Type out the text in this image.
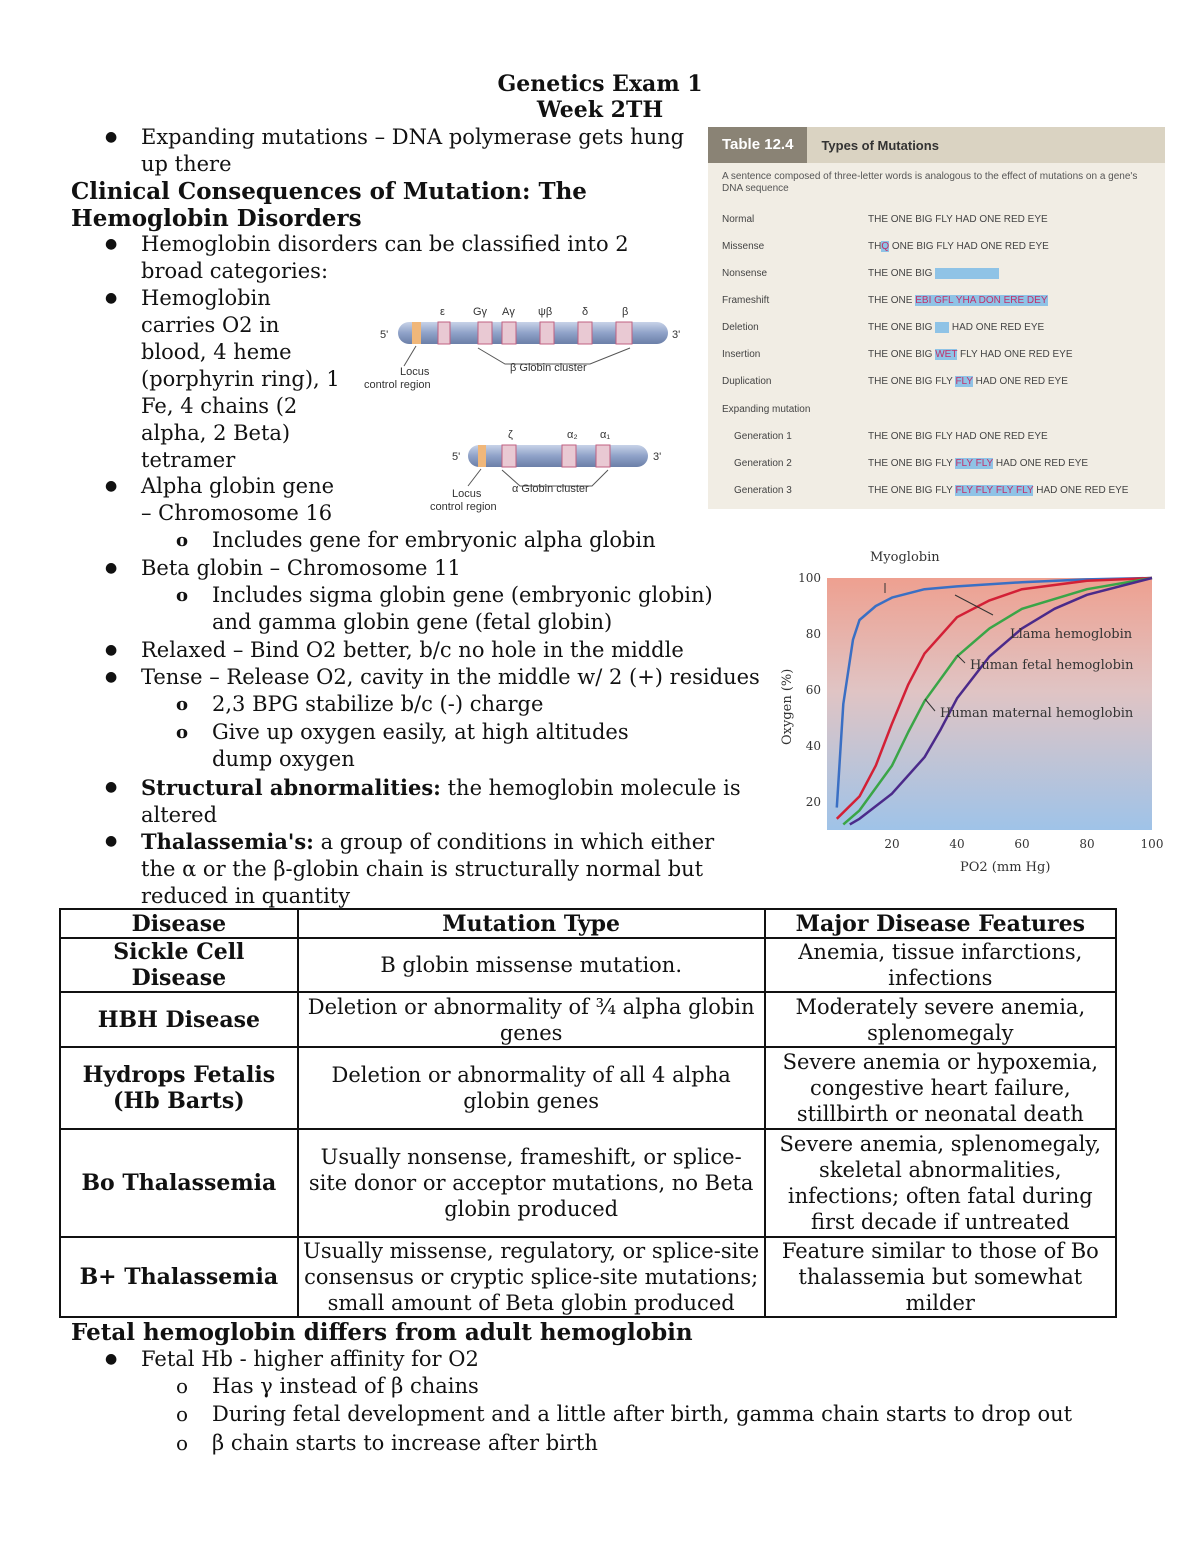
Genetics Exam 1
Week 2TH
● Expanding mutations – DNA polymerase gets hung up there
Clinical Consequences of Mutation: The
Hemoglobin Disorders
● Hemoglobin disorders can be classified into 2 broad categories:
● Hemoglobin
carries O2 in
blood, 4 heme
(porphyrin ring), 1
Fe, 4 chains (2
alpha, 2 Beta)
tetramer
● Alpha globin gene
– Chromosome 16
o Includes gene for embryonic alpha globin
● Beta globin – Chromosome 11
o Includes sigma globin gene (embryonic globin) and gamma globin gene (fetal globin)
● Relaxed – Bind O2 better, b/c no hole in the middle
● Tense – Release O2, cavity in the middle w/ 2 (+) residues
o 2,3 BPG stabilize b/c (-) charge
o Give up oxygen easily, at high altitudes dump oxygen
● Structural abnormalities: the hemoglobin molecule is altered
● Thalassemia's: a group of conditions in which either the α or the β-globin chain is structurally normal but reduced in quantity
5'	3'
ε	Gγ Aγ ψβ	δ	β
β Globin cluster
Locus
control region
5'	3'
ζ	α₂ α₁
α Globin cluster
Locus
control region
Table 12.4	Types of Mutations
A sentence composed of three-letter words is analogous to the effect of mutations on a gene's DNA sequence
Normal	THE ONE BIG FLY HAD ONE RED EYE
Missense	THQ ONE BIG FLY HAD ONE RED EYE
Nonsense	THE ONE BIG
Frameshift	THE ONE EBI GFL YHA DON ERE DEY
Deletion	THE ONE BIG       HAD ONE RED EYE
Insertion	THE ONE BIG WET FLY HAD ONE RED EYE
Duplication	THE ONE BIG FLY FLY HAD ONE RED EYE
Expanding mutation
Generation 1	THE ONE BIG FLY HAD ONE RED EYE
Generation 2	THE ONE BIG FLY FLY FLY HAD ONE RED EYE
Generation 3	THE ONE BIG FLY FLY FLY FLY FLY HAD ONE RED EYE
20
40
60
80
100
20	40	60	80	100
Oxygen (%)
PO2 (mm Hg)
Myoglobin
Llama hemoglobin
Human fetal hemoglobin
Human maternal hemoglobin
Disease	Mutation Type	Major Disease Features
Sickle Cell Disease	B globin missense mutation.	Anemia, tissue infarctions, infections
HBH Disease	Deletion or abnormality of ¾ alpha globin genes	Moderately severe anemia, splenomegaly
Hydrops Fetalis (Hb Barts)	Deletion or abnormality of all 4 alpha globin genes	Severe anemia or hypoxemia, congestive heart failure, stillbirth or neonatal death
Bo Thalassemia	Usually nonsense, frameshift, or splice-site donor or acceptor mutations, no Beta globin produced	Severe anemia, splenomegaly, skeletal abnormalities, infections; often fatal during first decade if untreated
B+ Thalassemia	Usually missense, regulatory, or splice-site consensus or cryptic splice-site mutations; small amount of Beta globin produced	Feature similar to those of Bo thalassemia but somewhat milder
Fetal hemoglobin differs from adult hemoglobin
● Fetal Hb - higher affinity for O2
o Has γ instead of β chains
o During fetal development and a little after birth, gamma chain starts to drop out
o β chain starts to increase after birth
